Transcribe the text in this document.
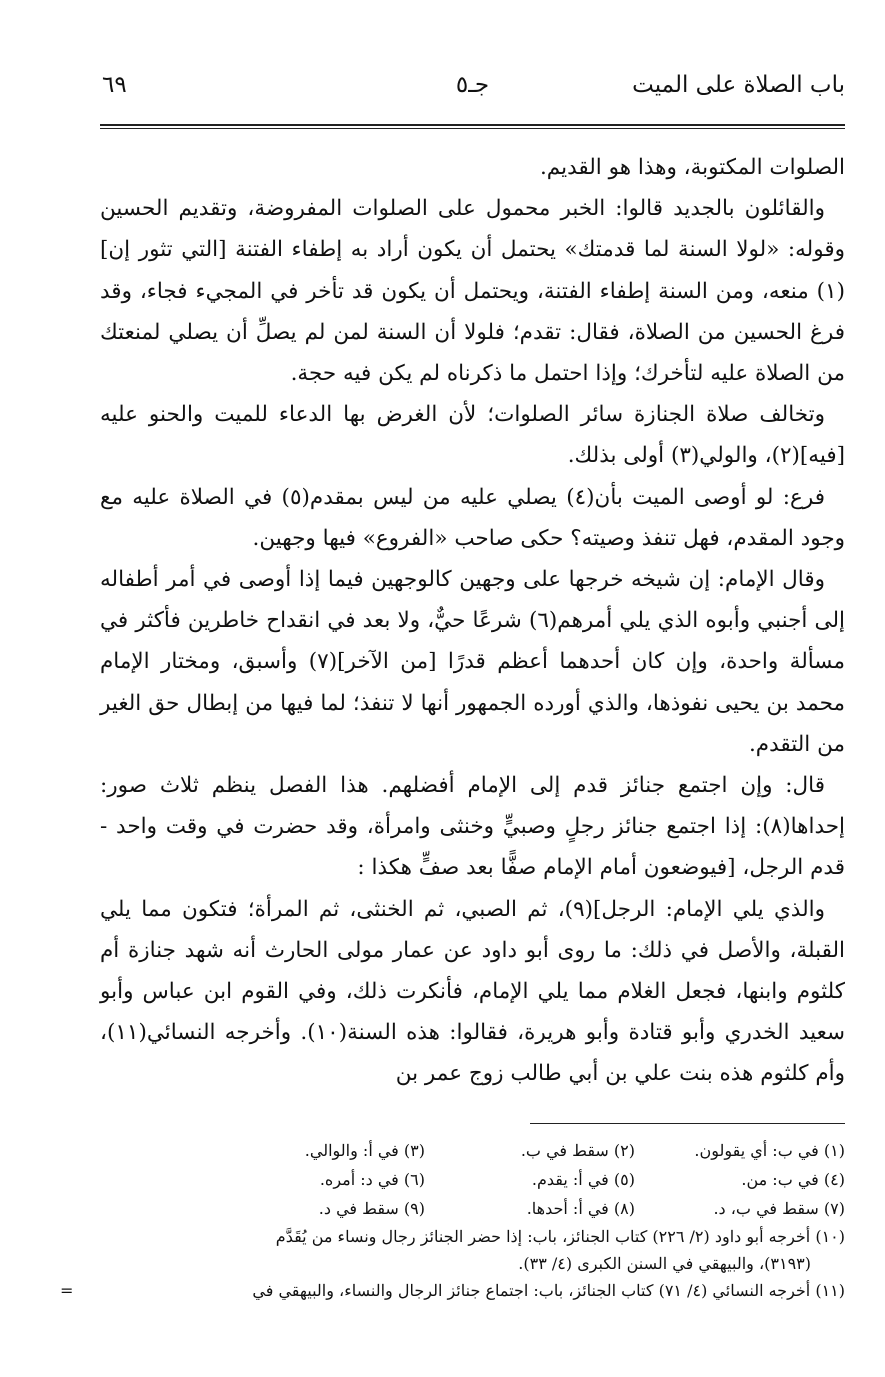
باب الصلاة على الميت
جـ٥
٦٩

الصلوات المكتوبة، وهذا هو القديم.

والقائلون بالجديد قالوا: الخبر محمول على الصلوات المفروضة، وتقديم الحسين وقوله: «لولا السنة لما قدمتك» يحتمل أن يكون أراد به إطفاء الفتنة [التي تثور إن](١) منعه، ومن السنة إطفاء الفتنة، ويحتمل أن يكون قد تأخر في المجيء فجاء، وقد فرغ الحسين من الصلاة، فقال: تقدم؛ فلولا أن السنة لمن لم يصلِّ أن يصلي لمنعتك من الصلاة عليه لتأخرك؛ وإذا احتمل ما ذكرناه لم يكن فيه حجة.

وتخالف صلاة الجنازة سائر الصلوات؛ لأن الغرض بها الدعاء للميت والحنو عليه [فيه](٢)، والولي(٣) أولى بذلك.

فرع: لو أوصى الميت بأن(٤) يصلي عليه من ليس بمقدم(٥) في الصلاة عليه مع وجود المقدم، فهل تنفذ وصيته؟ حكى صاحب «الفروع» فيها وجهين.

وقال الإمام: إن شيخه خرجها على وجهين كالوجهين فيما إذا أوصى في أمر أطفاله إلى أجنبي وأبوه الذي يلي أمرهم(٦) شرعًا حيٌّ، ولا بعد في انقداح خاطرين فأكثر في مسألة واحدة، وإن كان أحدهما أعظم قدرًا [من الآخر](٧) وأسبق، ومختار الإمام محمد بن يحيى نفوذها، والذي أورده الجمهور أنها لا تنفذ؛ لما فيها من إبطال حق الغير من التقدم.

قال: وإن اجتمع جنائز قدم إلى الإمام أفضلهم. هذا الفصل ينظم ثلاث صور: إحداها(٨): إذا اجتمع جنائز رجلٍ وصبيٍّ وخنثى وامرأة، وقد حضرت في وقت واحد - قدم الرجل، [فيوضعون أمام الإمام صفًّا بعد صفٍّ هكذا :

والذي يلي الإمام: الرجل](٩)، ثم الصبي، ثم الخنثى، ثم المرأة؛ فتكون مما يلي القبلة، والأصل في ذلك: ما روى أبو داود عن عمار مولى الحارث أنه شهد جنازة أم كلثوم وابنها، فجعل الغلام مما يلي الإمام، فأنكرت ذلك، وفي القوم ابن عباس وأبو سعيد الخدري وأبو قتادة وأبو هريرة، فقالوا: هذه السنة(١٠). وأخرجه النسائي(١١)، وأم كلثوم هذه بنت علي بن أبي طالب زوج عمر بن

(١) في ب: أي يقولون.
(٢) سقط في ب.
(٣) في أ: والوالي.
(٤) في ب: من.
(٥) في أ: يقدم.
(٦) في د: أمره.
(٧) سقط في ب، د.
(٨) في أ: أحدها.
(٩) سقط في د.

(١٠) أخرجه أبو داود (٢/ ٢٢٦) كتاب الجنائز، باب: إذا حضر الجنائز رجال ونساء من يُقَدَّم

(٣١٩٣)، والبيهقي في السنن الكبرى (٤/ ٣٣).

(١١) أخرجه النسائي (٤/ ٧١) كتاب الجنائز، باب: اجتماع جنائز الرجال والنساء، والبيهقي في
=
